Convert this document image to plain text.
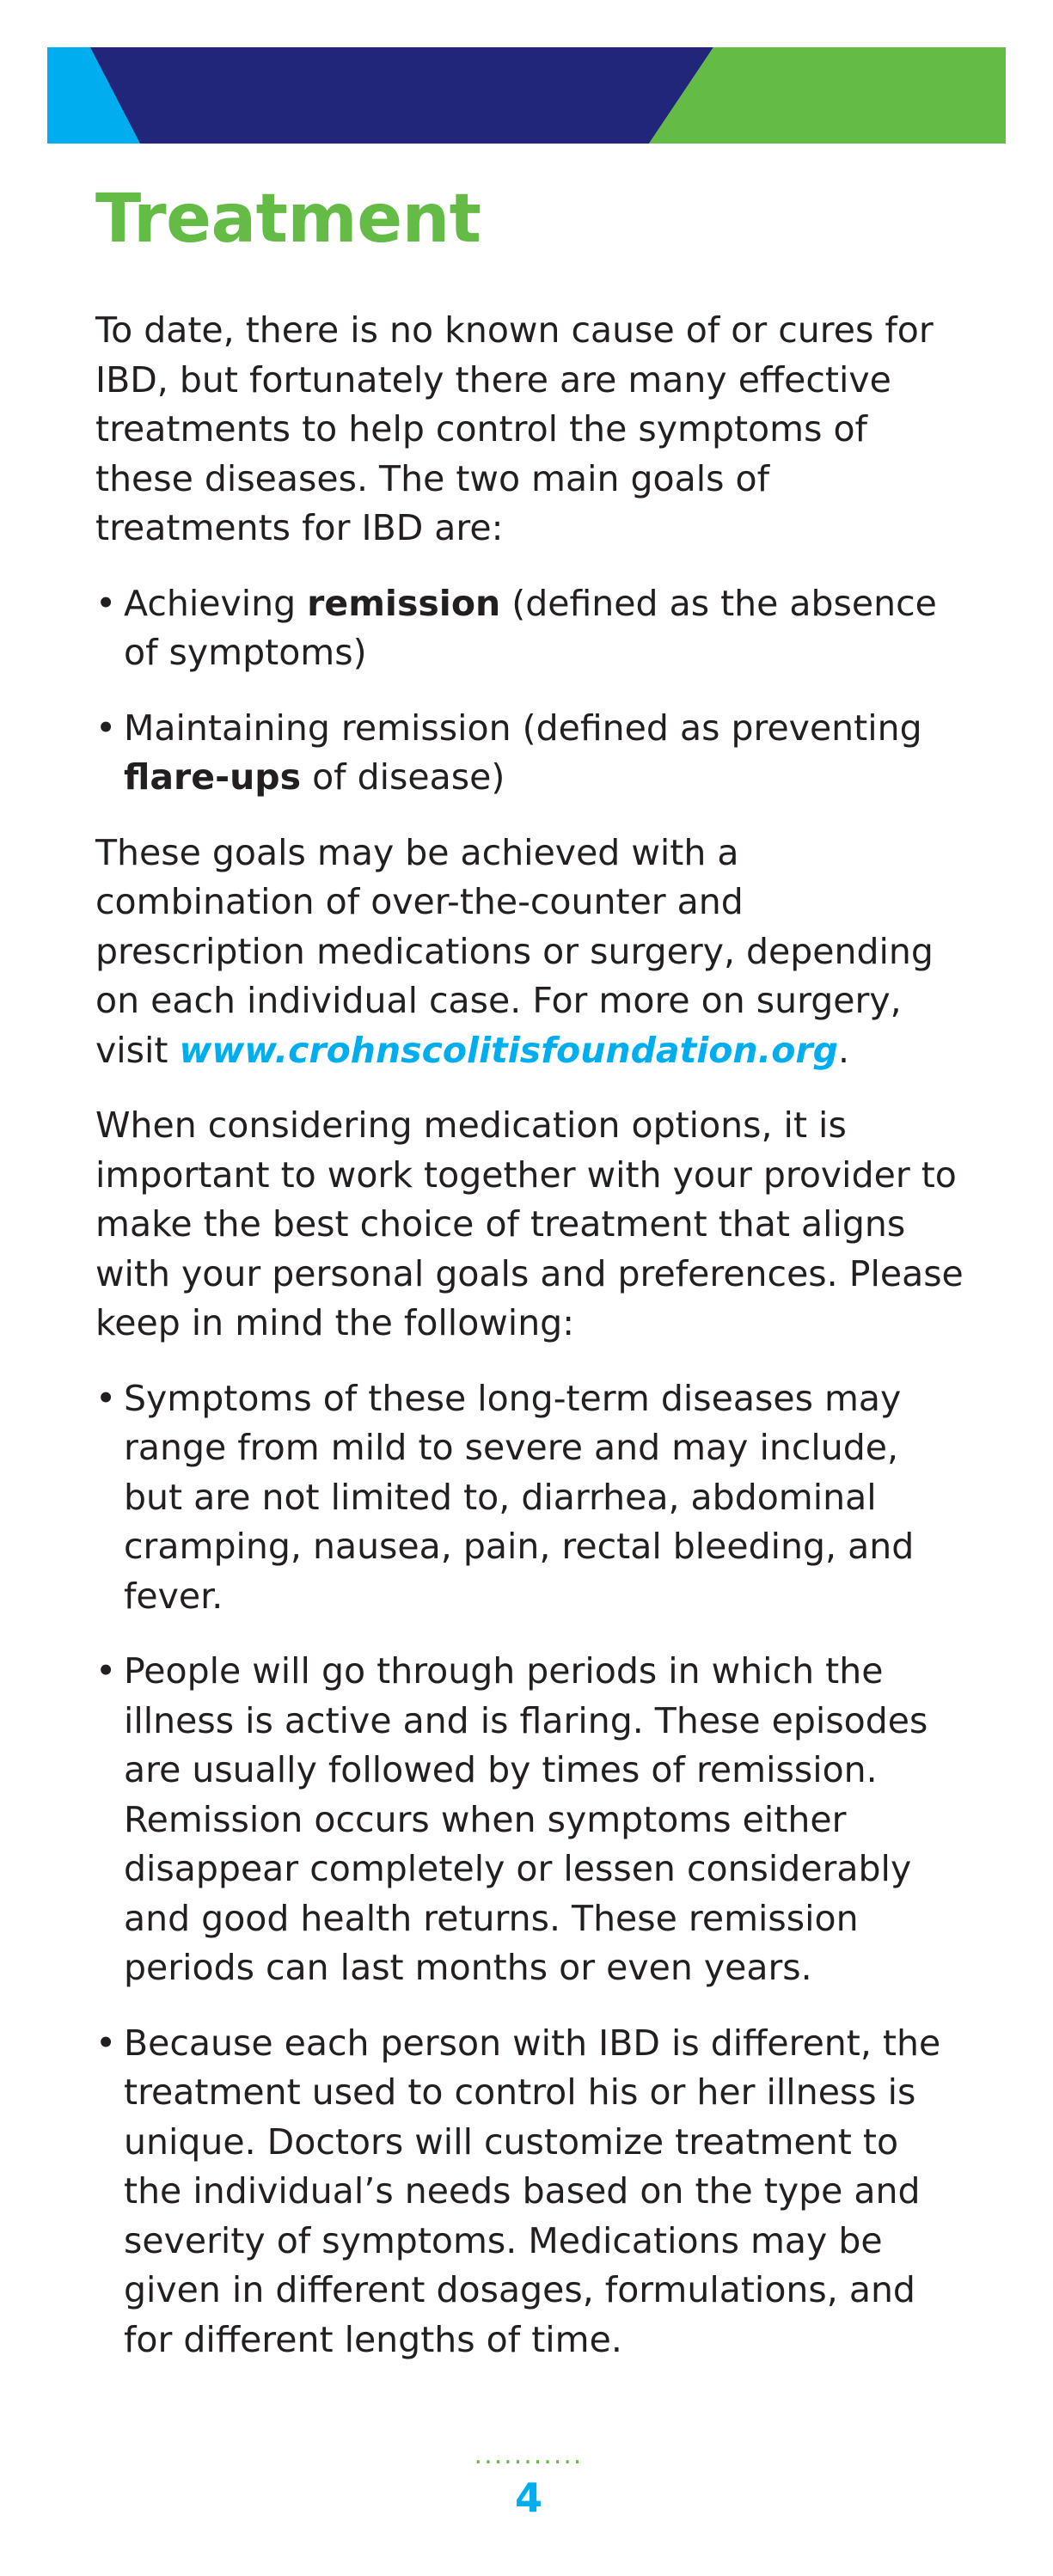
Treatment

To date, there is no known cause of or cures for IBD, but fortunately there are many effective treatments to help control the symptoms of these diseases. The two main goals of treatments for IBD are:

• Achieving remission (defined as the absence of symptoms)
• Maintaining remission (defined as preventing flare-ups of disease)

These goals may be achieved with a combination of over-the-counter and prescription medications or surgery, depending on each individual case. For more on surgery, visit www.crohnscolitisfoundation.org.

When considering medication options, it is important to work together with your provider to make the best choice of treatment that aligns with your personal goals and preferences. Please keep in mind the following:

• Symptoms of these long-term diseases may range from mild to severe and may include, but are not limited to, diarrhea, abdominal cramping, nausea, pain, rectal bleeding, and fever.
• People will go through periods in which the illness is active and is flaring. These episodes are usually followed by times of remission. Remission occurs when symptoms either disappear completely or lessen considerably and good health returns. These remission periods can last months or even years.
• Because each person with IBD is different, the treatment used to control his or her illness is unique. Doctors will customize treatment to the individual’s needs based on the type and severity of symptoms. Medications may be given in different dosages, formulations, and for different lengths of time.
...........
4
